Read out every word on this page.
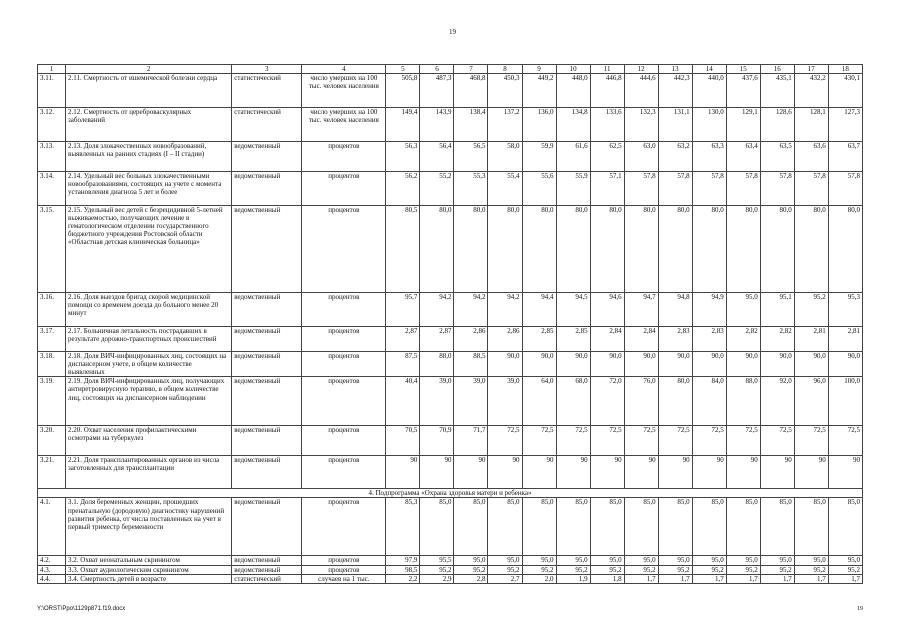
19
1	2	3	4	5	6	7	8	9	10	11	12	13	14	15	16	17	18
3.11.	2.11. Смертность от ишемической болезни сердца	статистический	число умерших на 100 тыс. человек населения	505,8	487,3	468,8	450,3	449,2	448,0	446,8	444,6	442,3	440,0	437,6	435,1	432,2	430,1
3.12.	2.12. Смертность от цереброваскулярных заболеваний	статистический	число умерших на 100 тыс. человек населения	149,4	143,9	138,4	137,2	136,0	134,8	133,6	132,3	131,1	130,0	129,1	128,6	128,1	127,3
3.13.	2.13. Доля злокачественных новообразований, выявленных на ранних стадиях (I – II стадии)	ведомственный	процентов	56,3	56,4	56,5	58,0	59,9	61,6	62,5	63,0	63,2	63,3	63,4	63,5	63,6	63,7
3.14.	2.14. Удельный вес больных злокачественными новообразованиями, состоящих на учете с момента установления диагноза 5 лет и более	ведомственный	процентов	56,2	55,2	55,3	55,4	55,6	55,9	57,1	57,8	57,8	57,8	57,8	57,8	57,8	57,8
3.15.	2.15. Удельный вес детей с безрецидивной 5-летней выживаемостью, получающих лечение в гематологическом отделении государственного бюджетного учреждения Ростовской области «Областная детская клиническая больница»	ведомственный	процентов	80,5	80,0	80,0	80,0	80,0	80,0	80,0	80,0	80,0	80,0	80,0	80,0	80,0	80,0
3.16.	2.16. Доля выездов бригад скорой медицинской помощи со временем доезда до больного менее 20 минут	ведомственный	процентов	95,7	94,2	94,2	94,2	94,4	94,5	94,6	94,7	94,8	94,9	95,0	95,1	95,2	95,3
3.17.	2.17. Больничная летальность пострадавших в результате дорожно-транспортных происшествий	ведомственный	процентов	2,87	2,87	2,86	2,86	2,85	2,85	2,84	2,84	2,83	2,83	2,82	2,82	2,81	2,81
3.18.	2.18. Доля ВИЧ-инфицированных лиц, состоящих на диспансерном учете, в общем количестве выявленных	ведомственный	процентов	87,5	88,0	88,5	90,0	90,0	90,0	90,0	90,0	90,0	90,0	90,0	90,0	90,0	90,0
3.19.	2.19. Доля ВИЧ-инфицированных лиц, получающих антиретровирусную терапию, в общем количестве лиц, состоящих на диспансерном наблюдении	ведомственный	процентов	40,4	39,0	39,0	39,0	64,0	68,0	72,0	76,0	80,0	84,0	88,0	92,0	96,0	100,0
3.20.	2.20. Охват населения профилактическими осмотрами на туберкулез	ведомственный	процентов	70,5	70,9	71,7	72,5	72,5	72,5	72,5	72,5	72,5	72,5	72,5	72,5	72,5	72,5
3.21.	2.21. Доля трансплантированных органов из числа заготовленных для трансплантации	ведомственный	процентов	90	90	90	90	90	90	90	90	90	90	90	90	90	90
4. Подпрограмма «Охрана здоровья матери и ребенка»																	
4.1.	3.1. Доля беременных женщин, прошедших пренатальную (дородовую) диагностику нарушений развития ребенка, от числа поставленных на учет в первый триместр беременности	ведомственный	процентов	85,3	85,0	85,0	85,0	85,0	85,0	85,0	85,0	85,0	85,0	85,0	85,0	85,0	85,0
4.2.	3.2. Охват неонатальным скринингом	ведомственный	процентов	97,9	95,5	95,0	95,0	95,0	95,0	95,0	95,0	95,0	95,0	95,0	95,0	95,0	95,0
4.3.	3.3. Охват аудиологическим скринингом	ведомственный	процентов	98,5	95,2	95,2	95,2	95,2	95,2	95,2	95,2	95,2	95,2	95,2	95,2	95,2	95,2
4.4.	3.4. Смертность детей в возрасте	статистический	случаев на 1 тыс.	2,2	2,9	2,8	2,7	2,0	1,9	1,8	1,7	1,7	1,7	1,7	1,7	1,7	1,7
Y:\ORST\Ppo\1129p871.f19.docx	19
